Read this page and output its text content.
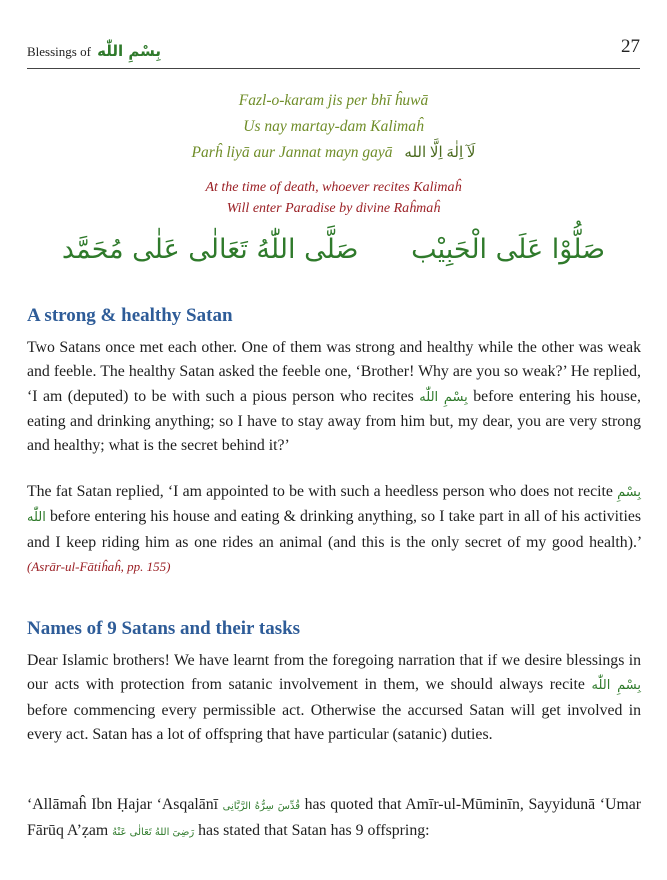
Blessings of بِسْمِ اللّٰه	27
Fazl-o-karam jis per bhī ĥuwā
Us nay martay-dam Kalimaĥ
Parĥ liyā aur Jannat mayn gayā لَآ اِلٰهَ اِلَّا الله
At the time of death, whoever recites Kalimaĥ
Will enter Paradise by divine Raĥmaĥ
صَلَّى اللّٰهُ تَعَالٰى عَلٰى مُحَمَّد صَلُّوْا عَلَى الْحَبِيْب
A strong & healthy Satan

Two Satans once met each other. One of them was strong and healthy while the other was weak and feeble. The healthy Satan asked the feeble one, ‘Brother! Why are you so weak?’ He replied, ‘I am (deputed) to be with such a pious person who recites بِسْمِ اللّٰه before entering his house, eating and drinking anything; so I have to stay away from him but, my dear, you are very strong and healthy; what is the secret behind it?’

The fat Satan replied, ‘I am appointed to be with such a heedless person who does not recite بِسْمِ اللّٰه before entering his house and eating & drinking anything, so I take part in all of his activities and I keep riding him as one rides an animal (and this is the only secret of my good health).’ (Asrār-ul-Fātiĥaĥ, pp. 155)

Names of 9 Satans and their tasks

Dear Islamic brothers! We have learnt from the foregoing narration that if we desire blessings in our acts with protection from satanic involvement in them, we should always recite بِسْمِ اللّٰه before commencing every permissible act. Otherwise the accursed Satan will get involved in every act. Satan has a lot of offspring that have particular (satanic) duties.

‘Allāmaĥ Ibn Ḥajar ‘Asqalānī قُدِّسَ سِرُّهُ الرَّبَّانِى has quoted that Amīr-ul-Mūminīn, Sayyidunā ‘Umar Fārūq A’ẓam رَضِىَ اللهُ تَعَالٰى عَنْهُ has stated that Satan has 9 offspring:
